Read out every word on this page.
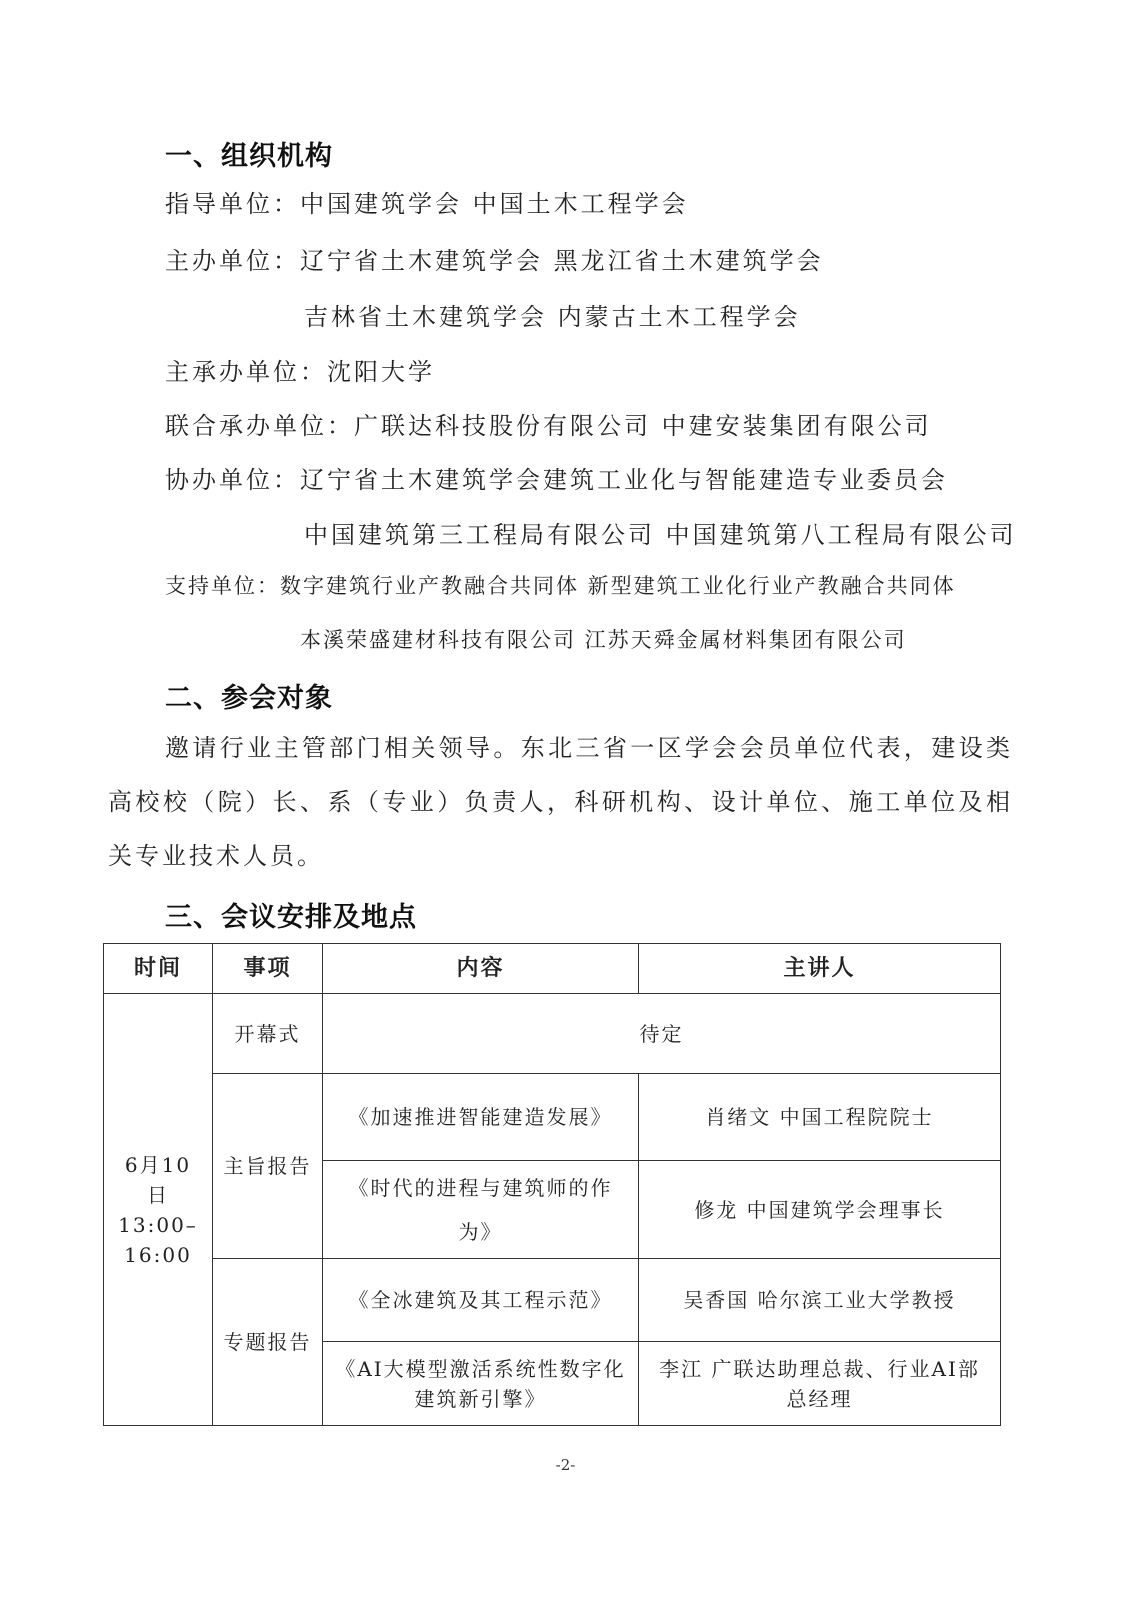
一、组织机构
指导单位：中国建筑学会 中国土木工程学会
主办单位：辽宁省土木建筑学会 黑龙江省土木建筑学会
吉林省土木建筑学会 内蒙古土木工程学会
主承办单位：沈阳大学
联合承办单位：广联达科技股份有限公司 中建安装集团有限公司
协办单位：辽宁省土木建筑学会建筑工业化与智能建造专业委员会
中国建筑第三工程局有限公司 中国建筑第八工程局有限公司
支持单位：数字建筑行业产教融合共同体 新型建筑工业化行业产教融合共同体
本溪荣盛建材科技有限公司 江苏天舜金属材料集团有限公司
二、参会对象
邀请行业主管部门相关领导。东北三省一区学会会员单位代表，建设类高校校（院）长、系（专业）负责人，科研机构、设计单位、施工单位及相关专业技术人员。
三、会议安排及地点
时间	事项	内容	主讲人

6月10日
13:00–
16:00	开幕式	待定	
	主旨报告	《加速推进智能建造发展》	肖绪文 中国工程院院士
		《时代的进程与建筑师的作为》	修龙 中国建筑学会理事长
	专题报告	《全冰建筑及其工程示范》	吴香国 哈尔滨工业大学教授
		《AI大模型激活系统性数字化建筑新引擎》	李江 广联达助理总裁、行业AI部总经理
-2-
